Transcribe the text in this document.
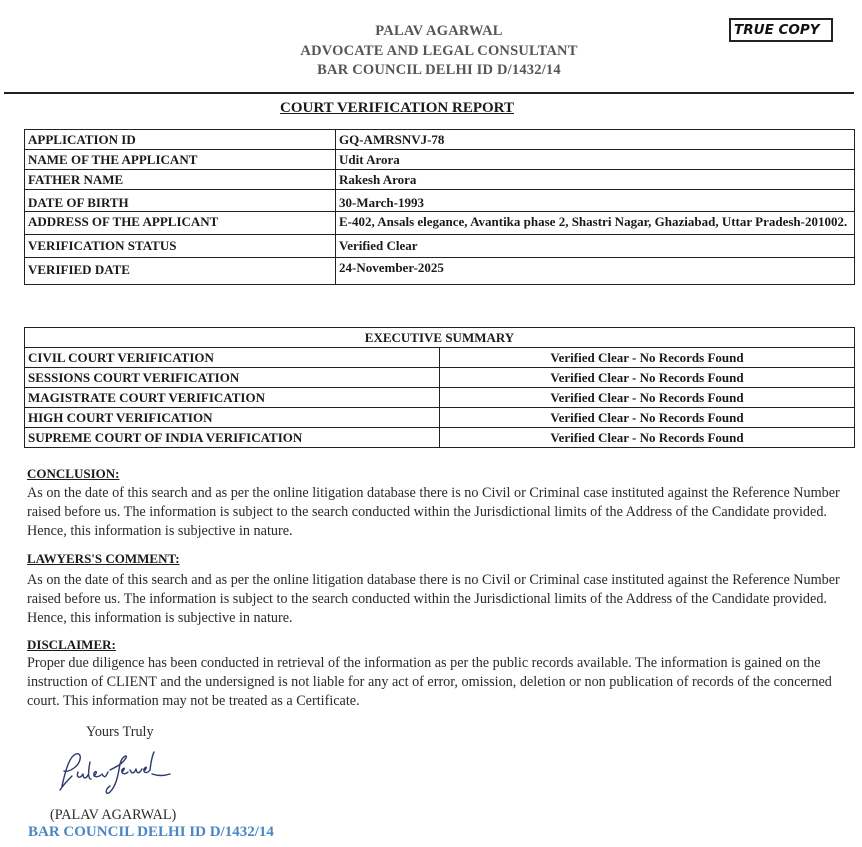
PALAV AGARWAL
ADVOCATE AND LEGAL CONSULTANT
BAR COUNCIL DELHI ID D/1432/14
TRUE COPY
COURT VERIFICATION REPORT
APPLICATION ID	GQ-AMRSNVJ-78
NAME OF THE APPLICANT	Udit Arora
FATHER NAME	Rakesh Arora
DATE OF BIRTH	30-March-1993
ADDRESS OF THE APPLICANT	E-402, Ansals elegance, Avantika phase 2, Shastri Nagar, Ghaziabad, Uttar Pradesh-201002.
VERIFICATION STATUS	Verified Clear
VERIFIED DATE	24-November-2025
EXECUTIVE SUMMARY	
CIVIL COURT VERIFICATION	Verified Clear - No Records Found
SESSIONS COURT VERIFICATION	Verified Clear - No Records Found
MAGISTRATE COURT VERIFICATION	Verified Clear - No Records Found
HIGH COURT VERIFICATION	Verified Clear - No Records Found
SUPREME COURT OF INDIA VERIFICATION	Verified Clear - No Records Found
CONCLUSION:
As on the date of this search and as per the online litigation database there is no Civil or Criminal case instituted against the Reference Number raised before us. The information is subject to the search conducted within the Jurisdictional limits of the Address of the Candidate provided. Hence, this information is subjective in nature.
LAWYERS'S COMMENT:
As on the date of this search and as per the online litigation database there is no Civil or Criminal case instituted against the Reference Number raised before us. The information is subject to the search conducted within the Jurisdictional limits of the Address of the Candidate provided. Hence, this information is subjective in nature.
DISCLAIMER:
Proper due diligence has been conducted in retrieval of the information as per the public records available. The information is gained on the instruction of CLIENT and the undersigned is not liable for any act of error, omission, deletion or non publication of records of the concerned court. This information may not be treated as a Certificate.
Yours Truly
(PALAV AGARWAL)
BAR COUNCIL DELHI ID D/1432/14
